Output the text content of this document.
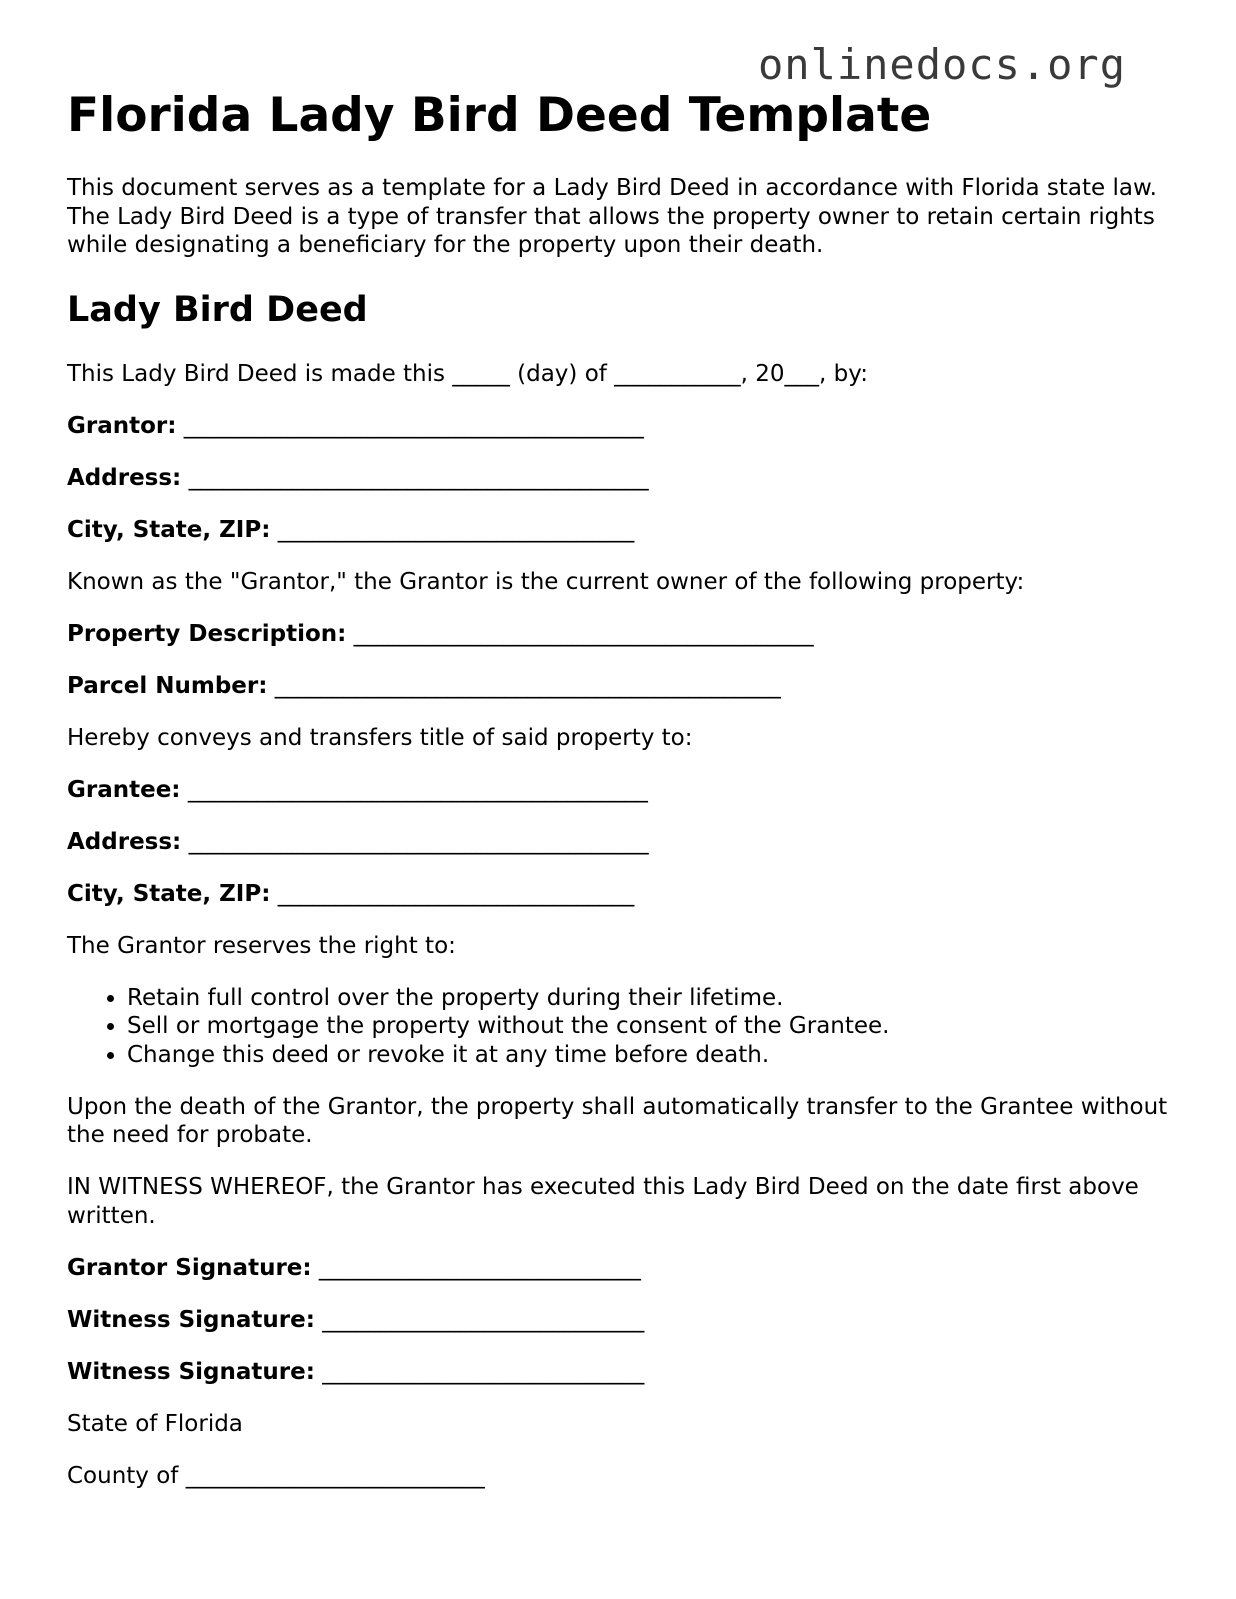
onlinedocs.org
Florida Lady Bird Deed Template

This document serves as a template for a Lady Bird Deed in accordance with Florida state law. The Lady Bird Deed is a type of transfer that allows the property owner to retain certain rights while designating a beneficiary for the property upon their death.

Lady Bird Deed

This Lady Bird Deed is made this _____ (day) of ___________, 20___, by:

Grantor: ________________________________________

Address: ________________________________________

City, State, ZIP: _______________________________

Known as the "Grantor," the Grantor is the current owner of the following property:

Property Description: ________________________________________

Parcel Number: ____________________________________________

Hereby conveys and transfers title of said property to:

Grantee: ________________________________________

Address: ________________________________________

City, State, ZIP: _______________________________

The Grantor reserves the right to:

• Retain full control over the property during their lifetime.
• Sell or mortgage the property without the consent of the Grantee.
• Change this deed or revoke it at any time before death.

Upon the death of the Grantor, the property shall automatically transfer to the Grantee without the need for probate.

IN WITNESS WHEREOF, the Grantor has executed this Lady Bird Deed on the date first above written.

Grantor Signature: ____________________________

Witness Signature: ____________________________

Witness Signature: ____________________________

State of Florida

County of __________________________
